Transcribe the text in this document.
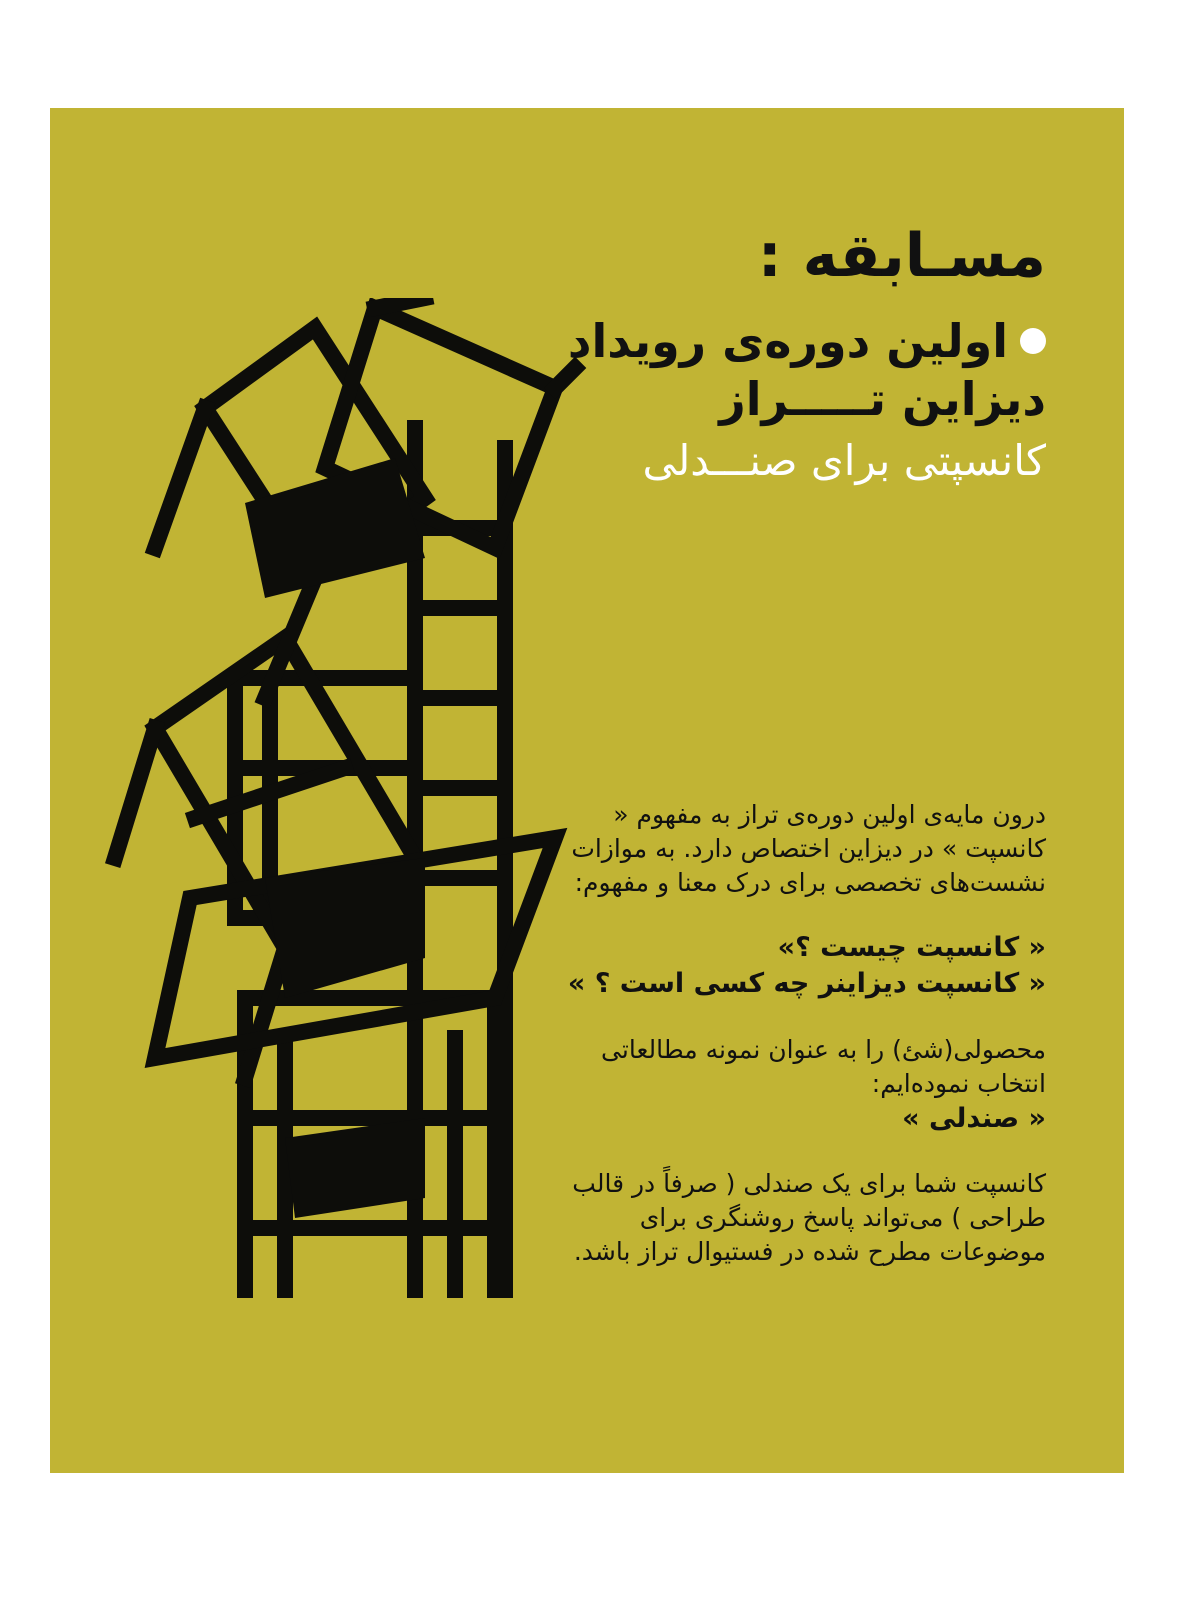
مسـابقه :
اولین دوره‌ی رویداد
دیزاین تـــــراز
کانسپتی برای صنـــدلی

درون مایه‌ی اولین دوره‌ی تراز به مفهوم « کانسپت » در دیزاین اختصاص دارد. به موازات نشست‌های تخصصی برای درک معنا و مفهوم:

« کانسپت چیست ؟»
« کانسپت دیزاینر چه کسی است ؟ »
محصولی(شئ) را به عنوان نمونه مطالعاتی انتخاب نموده‌ایم:
« صندلی »

کانسپت شما برای یک صندلی ( صرفاً در قالب طراحی ) می‌تواند پاسخ روشنگری برای موضوعات مطرح شده در فستیوال تراز باشد.
